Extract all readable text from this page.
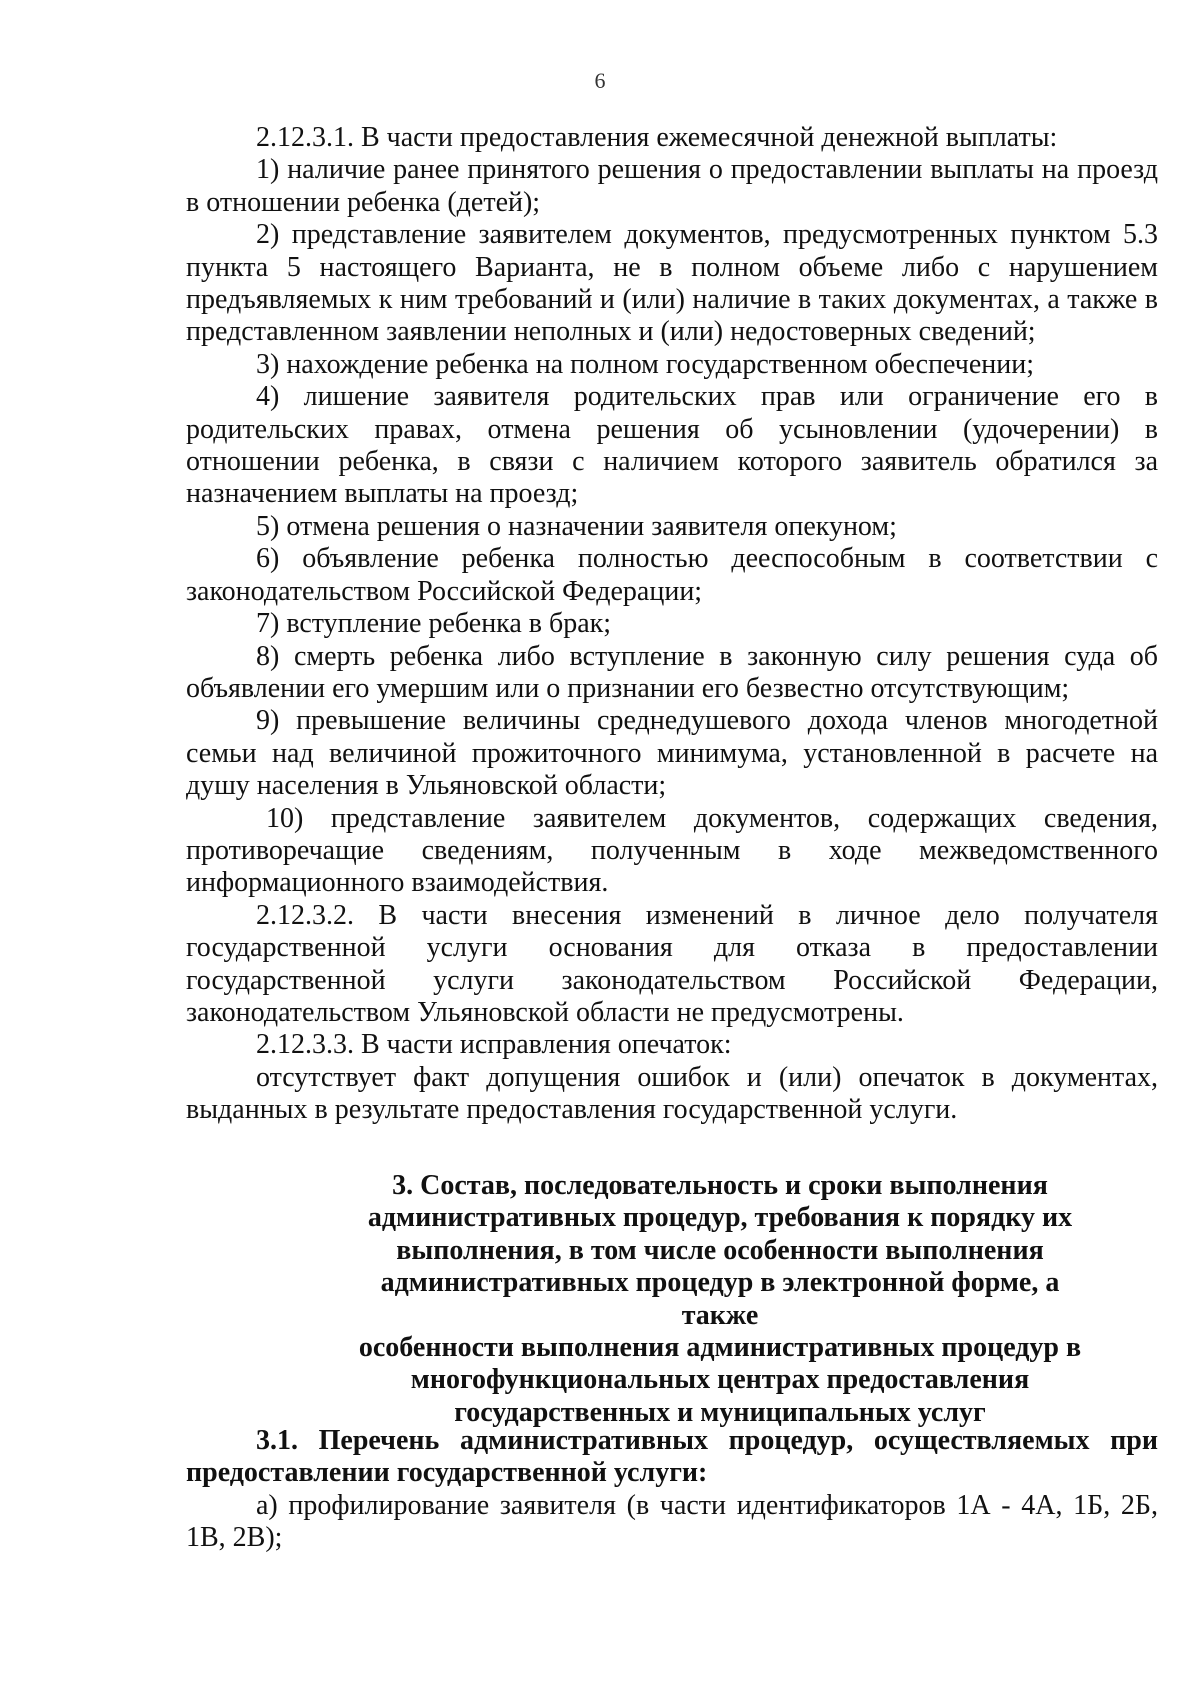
6

2.12.3.1. В части предоставления ежемесячной денежной выплаты:

1) наличие ранее принятого решения о предоставлении выплаты на проезд в отношении ребенка (детей);

2) представление заявителем документов, предусмотренных пунктом 5.3 пункта 5 настоящего Варианта, не в полном объеме либо с нарушением предъявляемых к ним требований и (или) наличие в таких документах, а также в представленном заявлении неполных и (или) недостоверных сведений;

3) нахождение ребенка на полном государственном обеспечении;

4) лишение заявителя родительских прав или ограничение его в родительских правах, отмена решения об усыновлении (удочерении) в отношении ребенка, в связи с наличием которого заявитель обратился за назначением выплаты на проезд;

5) отмена решения о назначении заявителя опекуном;

6) объявление ребенка полностью дееспособным в соответствии с законодательством Российской Федерации;

7) вступление ребенка в брак;

8) смерть ребенка либо вступление в законную силу решения суда об объявлении его умершим или о признании его безвестно отсутствующим;

9) превышение величины среднедушевого дохода членов многодетной семьи над величиной прожиточного минимума, установленной в расчете на душу населения в Ульяновской области;

10) представление заявителем документов, содержащих сведения, противоречащие сведениям, полученным в ходе межведомственного информационного взаимодействия.

2.12.3.2. В части внесения изменений в личное дело получателя государственной услуги основания для отказа в предоставлении государственной услуги законодательством Российской Федерации, законодательством Ульяновской области не предусмотрены.

2.12.3.3. В части исправления опечаток:

отсутствует факт допущения ошибок и (или) опечаток в документах, выданных в результате предоставления государственной услуги.

3. Состав, последовательность и сроки выполнения
административных процедур, требования к порядку их
выполнения, в том числе особенности выполнения
административных процедур в электронной форме, а также
особенности выполнения административных процедур в
многофункциональных центрах предоставления
государственных и муниципальных услуг

3.1. Перечень административных процедур, осуществляемых при предоставлении государственной услуги:

а) профилирование заявителя (в части идентификаторов 1А - 4А, 1Б, 2Б, 1В, 2В);
